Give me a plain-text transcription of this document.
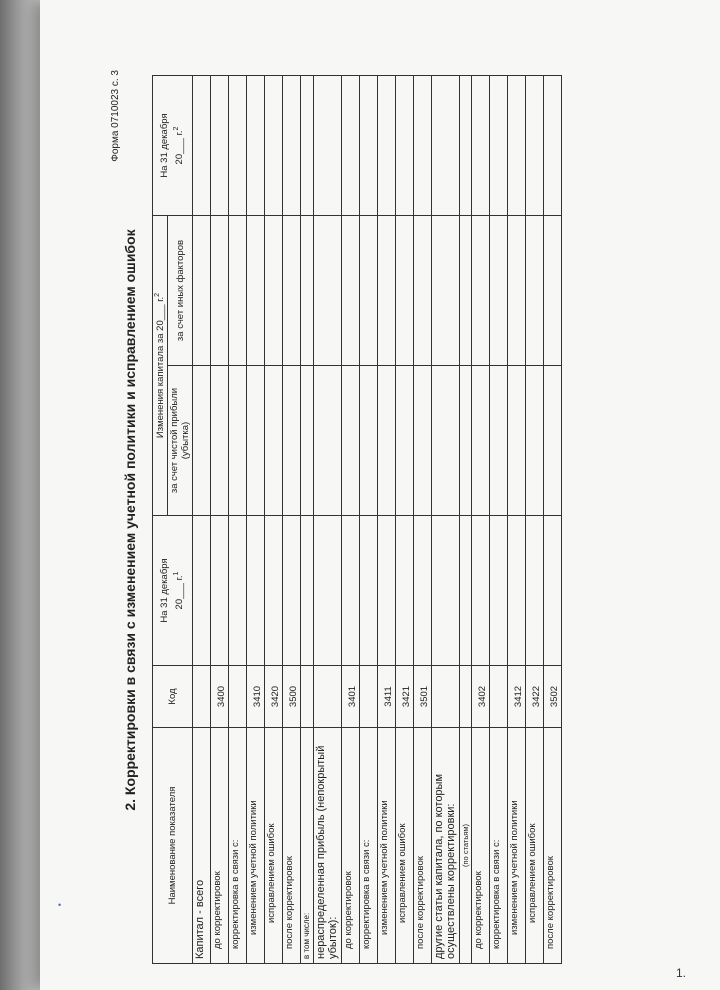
•
Форма 0710023 с. 3
2. Корректировки в связи с изменением учетной политики и исправлением ошибок
Наименование показателя	Код	На 31 декабря 20___ г.$^1$	Изменения капитала за 20___ г.$^2$		На 31 декабря 20___ г.$^2$
			за счет чистой прибыли (убытка)	за счет иных факторов	
Капитал - всего					
до корректировок	3400				
корректировка в связи с:					
изменением учетной политики	3410				
исправлением ошибок	3420				
после корректировок	3500				
в том числе:					
нераспределенная прибыль (непокрытый убыток):					
до корректировок	3401				
корректировка в связи с:					
изменением учетной политики	3411				
исправлением ошибок	3421				
после корректировок	3501				
другие статьи капитала, по которым осуществлены корректировки:					
(по статьям)					
до корректировок	3402				
корректировка в связи с:					
изменением учетной политики	3412				
исправлением ошибок	3422				
после корректировок	3502				
1.
